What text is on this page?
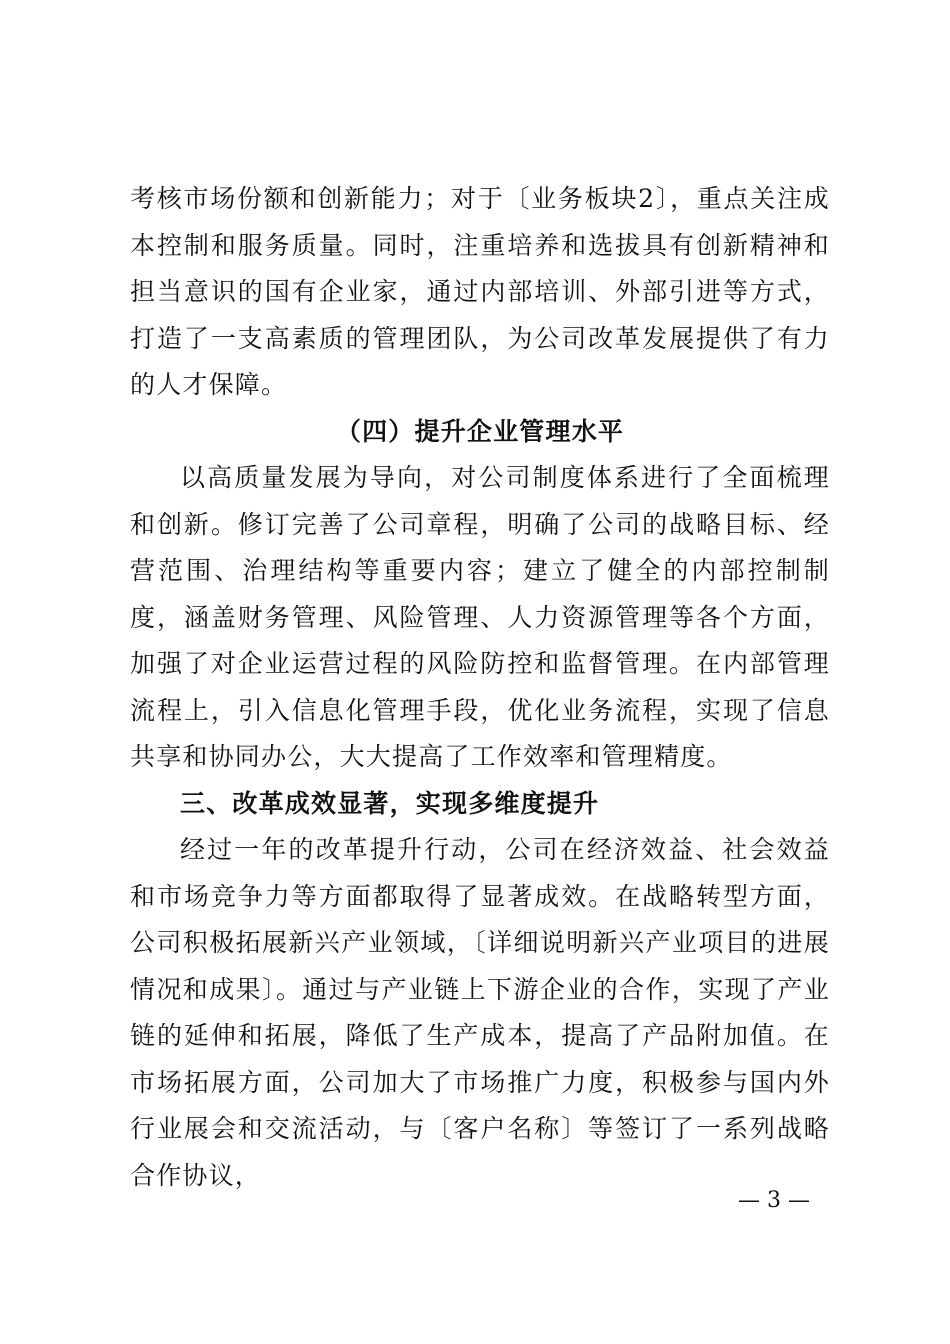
考核市场份额和创新能力；对于〔业务板块2〕，重点关注成本控制和服务质量。同时，注重培养和选拔具有创新精神和担当意识的国有企业家，通过内部培训、外部引进等方式，打造了一支高素质的管理团队，为公司改革发展提供了有力的人才保障。

（四）提升企业管理水平

以高质量发展为导向，对公司制度体系进行了全面梳理和创新。修订完善了公司章程，明确了公司的战略目标、经营范围、治理结构等重要内容；建立了健全的内部控制制度，涵盖财务管理、风险管理、人力资源管理等各个方面，加强了对企业运营过程的风险防控和监督管理。在内部管理流程上，引入信息化管理手段，优化业务流程，实现了信息共享和协同办公，大大提高了工作效率和管理精度。

三、改革成效显著，实现多维度提升

经过一年的改革提升行动，公司在经济效益、社会效益和市场竞争力等方面都取得了显著成效。在战略转型方面，公司积极拓展新兴产业领域，〔详细说明新兴产业项目的进展情况和成果〕。通过与产业链上下游企业的合作，实现了产业链的延伸和拓展，降低了生产成本，提高了产品附加值。在市场拓展方面，公司加大了市场推广力度，积极参与国内外行业展会和交流活动，与〔客户名称〕等签订了一系列战略合作协议，

— 3 —
